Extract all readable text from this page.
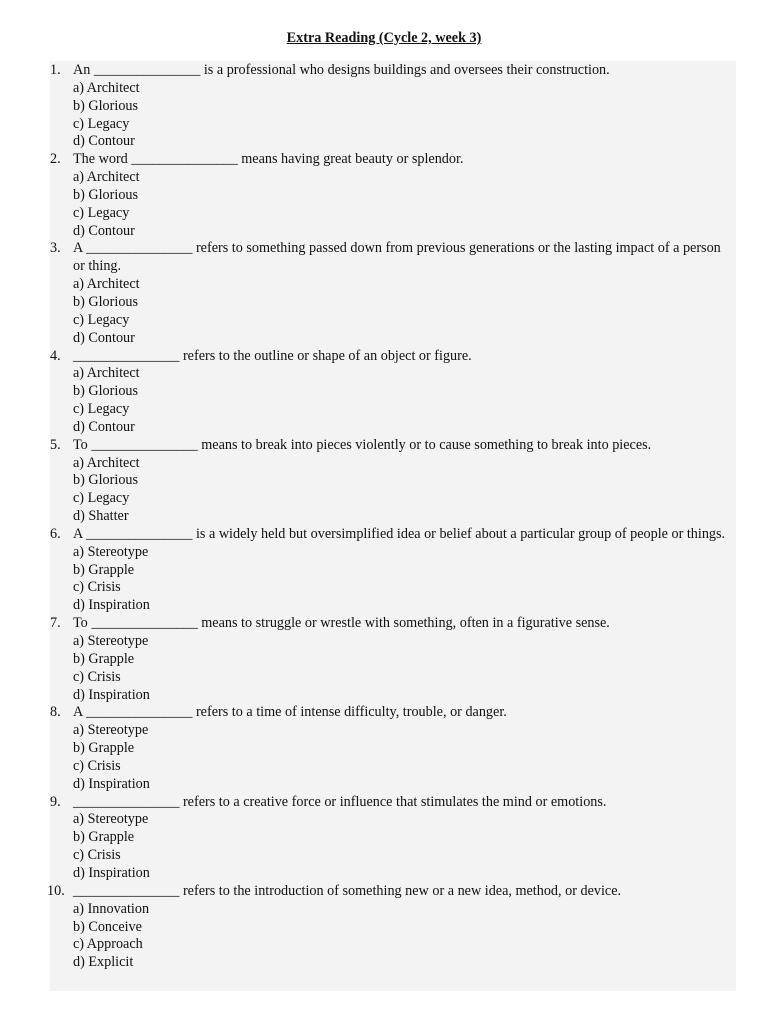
Extra Reading (Cycle 2, week 3)
1. An _______________ is a professional who designs buildings and oversees their construction.
a) Architect
b) Glorious
c) Legacy
d) Contour
2. The word _______________ means having great beauty or splendor.
a) Architect
b) Glorious
c) Legacy
d) Contour
3. A _______________ refers to something passed down from previous generations or the lasting impact of a person or thing.
a) Architect
b) Glorious
c) Legacy
d) Contour
4. _______________ refers to the outline or shape of an object or figure.
a) Architect
b) Glorious
c) Legacy
d) Contour
5. To _______________ means to break into pieces violently or to cause something to break into pieces.
a) Architect
b) Glorious
c) Legacy
d) Shatter
6. A _______________ is a widely held but oversimplified idea or belief about a particular group of people or things.
a) Stereotype
b) Grapple
c) Crisis
d) Inspiration
7. To _______________ means to struggle or wrestle with something, often in a figurative sense.
a) Stereotype
b) Grapple
c) Crisis
d) Inspiration
8. A _______________ refers to a time of intense difficulty, trouble, or danger.
a) Stereotype
b) Grapple
c) Crisis
d) Inspiration
9. _______________ refers to a creative force or influence that stimulates the mind or emotions.
a) Stereotype
b) Grapple
c) Crisis
d) Inspiration
10. _______________ refers to the introduction of something new or a new idea, method, or device.
a) Innovation
b) Conceive
c) Approach
d) Explicit
